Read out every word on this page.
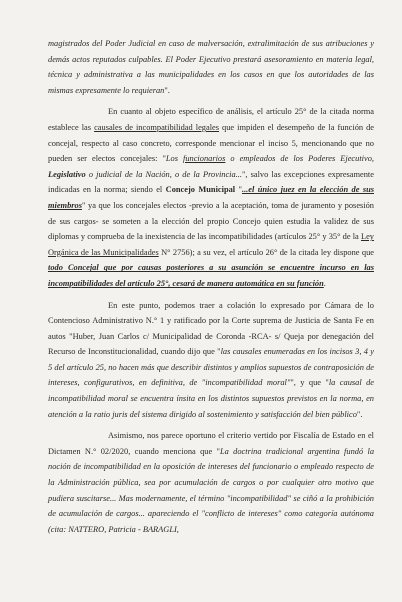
magistrados del Poder Judicial en caso de malversación, extralimitación de sus atribuciones y demás actos reputados culpables. El Poder Ejecutivo prestará asesoramiento en materia legal, técnica y administrativa a las municipalidades en los casos en que los autoridades de las mismas expresamente lo requieran".

En cuanto al objeto específico de análisis, el artículo 25° de la citada norma establece las causales de incompatibilidad legales que impiden el desempeño de la función de concejal, respecto al caso concreto, corresponde mencionar el inciso 5, mencionando que no pueden ser electos concejales: "Los funcionarios o empleados de los Poderes Ejecutivo, Legislativo o judicial de la Nación, o de la Provincia...", salvo las excepciones expresamente indicadas en la norma; siendo el Concejo Municipal "...el único juez en la elección de sus miembros" ya que los concejales electos -previo a la aceptación, toma de juramento y posesión de sus cargos- se someten a la elección del propio Concejo quien estudia la validez de sus diplomas y comprueba de la inexistencia de las incompatibilidades (artículos 25° y 35° de la Ley Orgánica de las Municipalidades N° 2756); a su vez, el artículo 26° de la citada ley dispone que todo Concejal que por causas posteriores a su asunción se encuentre incurso en las incompatibilidades del artículo 25°, cesará de manera automática en su función.

En este punto, podemos traer a colación lo expresado por Cámara de lo Contencioso Administrativo N.° 1 y ratificado por la Corte suprema de Justicia de Santa Fe en autos "Huber, Juan Carlos c/ Municipalidad de Coronda -RCA- s/ Queja por denegación del Recurso de Inconstitucionalidad, cuando dijo que "las causales enumeradas en los incisos 3, 4 y 5 del artículo 25, no hacen más que describir distintos y amplios supuestos de contraposición de intereses, configurativos, en definitiva, de "incompatibilidad moral"", y que "la causal de incompatibilidad moral se encuentra ínsita en los distintos supuestos previstos en la norma, en atención a la ratio juris del sistema dirigido al sostenimiento y satisfacción del bien público".

Asimismo, nos parece oportuno el criterio vertido por Fiscalía de Estado en el Dictamen N.° 02/2020, cuando menciona que "La doctrina tradicional argentina fundó la noción de incompatibilidad en la oposición de intereses del funcionario o empleado respecto de la Administración pública, sea por acumulación de cargos o por cualquier otro motivo que pudiera suscitarse... Mas modernamente, el término "incompatibilidad" se ciñó a la prohibición de acumulación de cargos... apareciendo el "conflicto de intereses" como categoría autónoma (cita: NATTERO, Patricia - BARAGLI,
